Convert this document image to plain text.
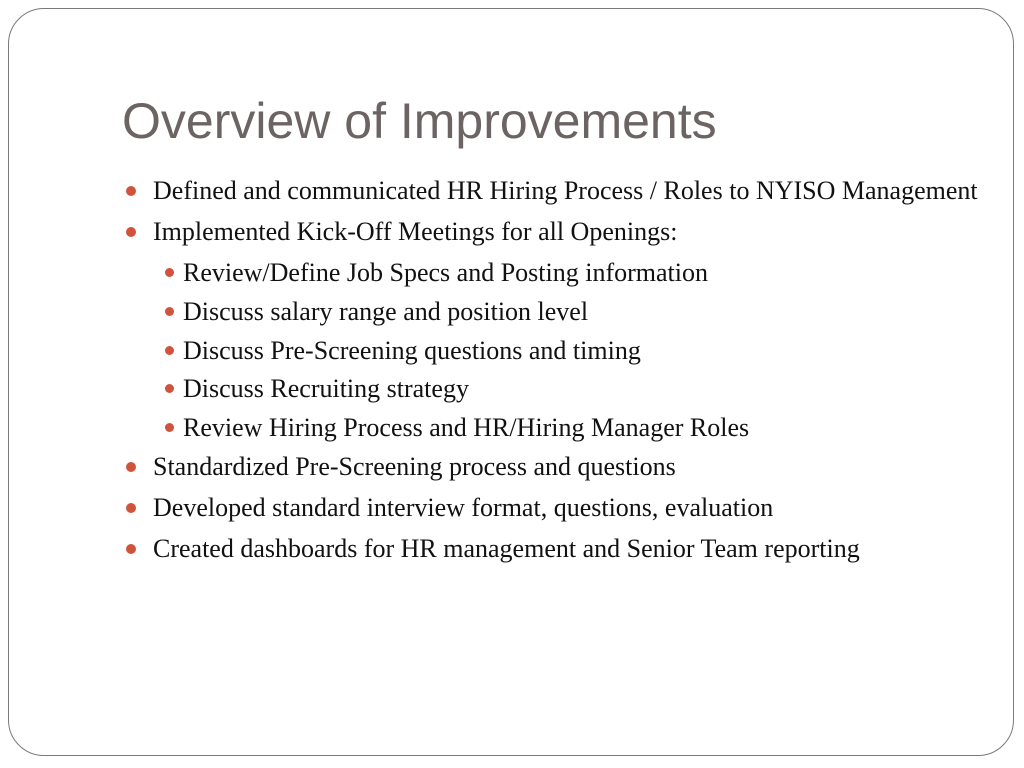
Overview of Improvements
Defined and communicated HR Hiring Process / Roles to NYISO Management
Implemented Kick-Off Meetings for all Openings:
Review/Define Job Specs and Posting information
Discuss salary range and position level
Discuss Pre-Screening questions and timing
Discuss Recruiting strategy
Review Hiring Process and HR/Hiring Manager Roles
Standardized Pre-Screening process and questions
Developed standard interview format, questions, evaluation
Created dashboards for HR management and Senior Team reporting
